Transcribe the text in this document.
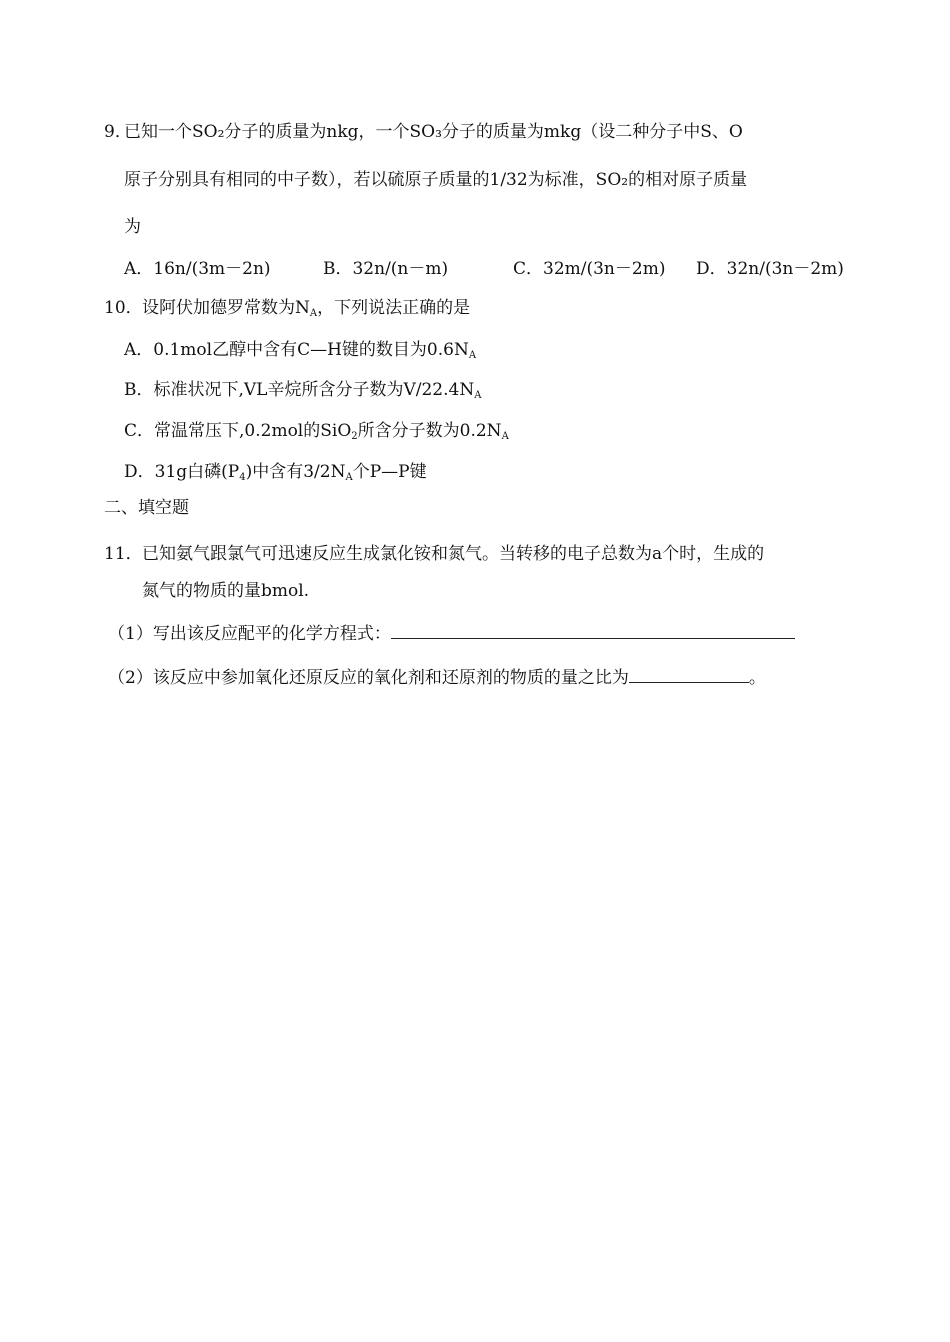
9．
已知一个SO₂分子的质量为nkg，一个SO₃分子的质量为mkg（设二种分子中S、O
原子分别具有相同的中子数），若以硫原子质量的1/32为标准，SO₂的相对原子质量
为
A．16n/(3m－2n)	B．32n/(n－m)	C．32m/(3n－2m) D．32n/(3n－2m)
10． 设阿伏加德罗常数为$N_A$，下列说法正确的是
A．0.1mol乙醇中含有C—H键的数目为$0.6N_A$
B．标准状况下,VL辛烷所含分子数为$V/22.4N_A$
C．常温常压下,0.2mol的SiO$_2$所含分子数为$0.2N_A$
D．31g白磷$(P_4)$中含有$3/2N_A$个P—P键
二、填空题
11． 已知氨气跟氯气可迅速反应生成氯化铵和氮气。当转移的电子总数为a个时，生成的
氮气的物质的量bmol.
（1）写出该反应配平的化学方程式：
（2）该反应中参加氧化还原反应的氧化剂和还原剂的物质的量之比为	。
